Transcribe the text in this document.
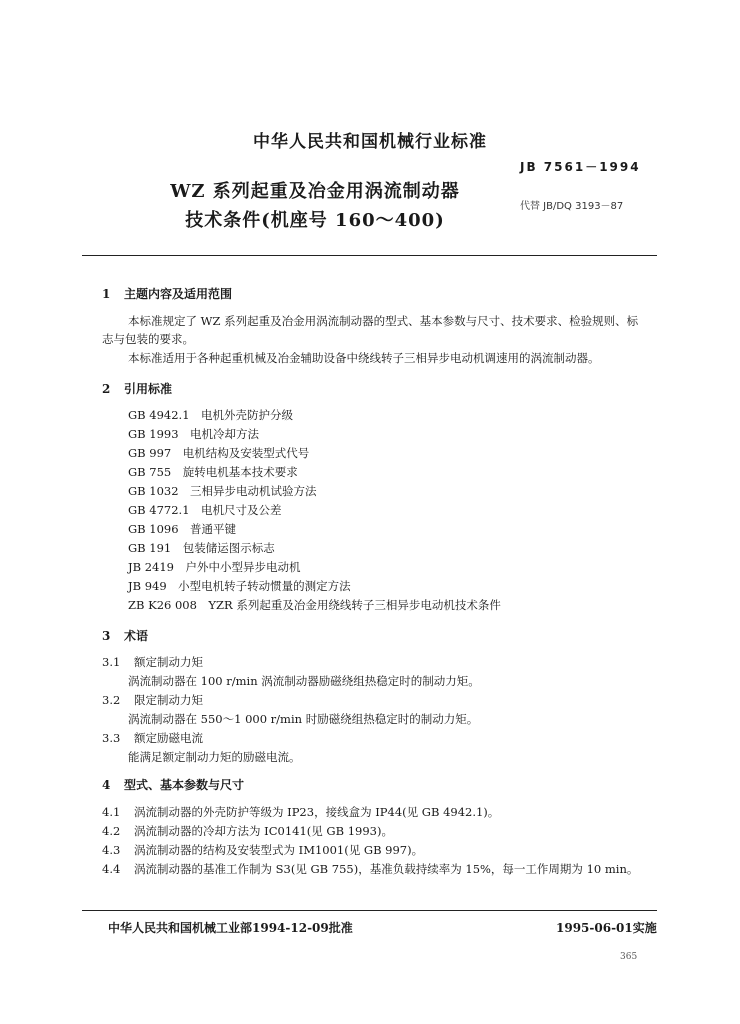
中华人民共和国机械行业标准
JB 7561－1994
WZ 系列起重及冶金用涡流制动器
技术条件(机座号 160～400)
代替 JB/DQ 3193－87
1 主题内容及适用范围
本标准规定了 WZ 系列起重及冶金用涡流制动器的型式、基本参数与尺寸、技术要求、检验规则、标
志与包装的要求。
本标准适用于各种起重机械及冶金辅助设备中绕线转子三相异步电动机调速用的涡流制动器。
2 引用标准
GB 4942.1　电机外壳防护分级
GB 1993　电机冷却方法
GB 997　电机结构及安装型式代号
GB 755　旋转电机基本技术要求
GB 1032　三相异步电动机试验方法
GB 4772.1　电机尺寸及公差
GB 1096　普通平键
GB 191　包装储运图示标志
JB 2419　户外中小型异步电动机
JB 949　小型电机转子转动惯量的测定方法
ZB K26 008　YZR 系列起重及冶金用绕线转子三相异步电动机技术条件
3 术语
3.1 额定制动力矩
涡流制动器在 100 r/min 涡流制动器励磁绕组热稳定时的制动力矩。
3.2 限定制动力矩
涡流制动器在 550～1 000 r/min 时励磁绕组热稳定时的制动力矩。
3.3 额定励磁电流
能满足额定制动力矩的励磁电流。
4 型式、基本参数与尺寸
4.1 涡流制动器的外壳防护等级为 IP23，接线盒为 IP44(见 GB 4942.1)。
4.2 涡流制动器的冷却方法为 IC0141(见 GB 1993)。
4.3 涡流制动器的结构及安装型式为 IM1001(见 GB 997)。
4.4 涡流制动器的基准工作制为 S3(见 GB 755)，基准负载持续率为 15%，每一工作周期为 10 min。
中华人民共和国机械工业部1994-12-09批准	1995-06-01实施
365
